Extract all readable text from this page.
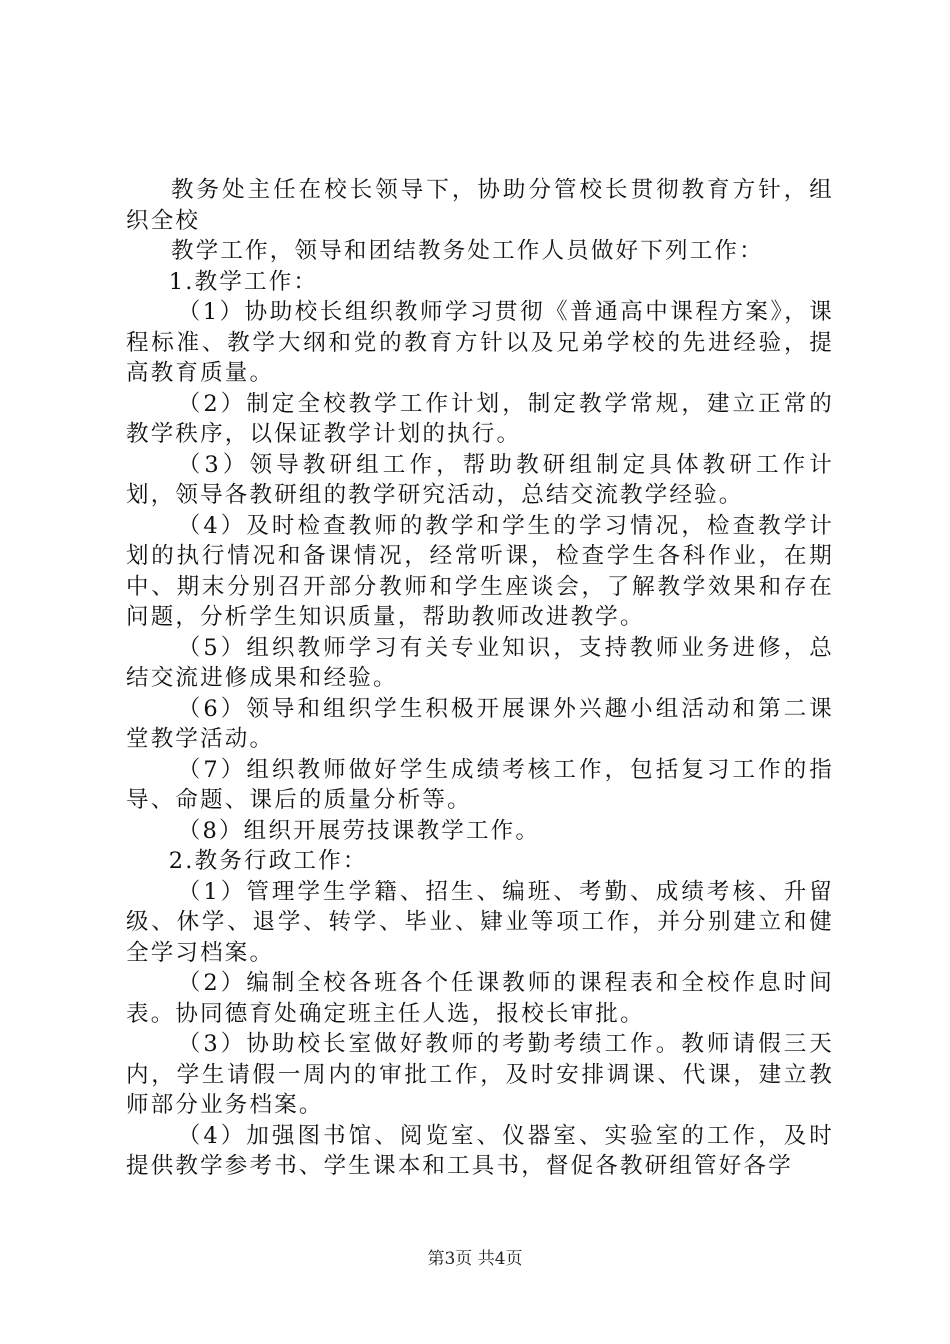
教务处主任在校长领导下，协助分管校长贯彻教育方针，组织全校

教学工作，领导和团结教务处工作人员做好下列工作：

1.教学工作：

（1）协助校长组织教师学习贯彻《普通高中课程方案》，课程标准、教学大纲和党的教育方针以及兄弟学校的先进经验，提高教育质量。

（2）制定全校教学工作计划，制定教学常规，建立正常的教学秩序，以保证教学计划的执行。

（3）领导教研组工作，帮助教研组制定具体教研工作计划，领导各教研组的教学研究活动，总结交流教学经验。

（4）及时检查教师的教学和学生的学习情况，检查教学计划的执行情况和备课情况，经常听课，检查学生各科作业，在期中、期末分别召开部分教师和学生座谈会，了解教学效果和存在问题，分析学生知识质量，帮助教师改进教学。

（5）组织教师学习有关专业知识，支持教师业务进修，总结交流进修成果和经验。

（6）领导和组织学生积极开展课外兴趣小组活动和第二课堂教学活动。

（7）组织教师做好学生成绩考核工作，包括复习工作的指导、命题、课后的质量分析等。

（8）组织开展劳技课教学工作。

2.教务行政工作：

（1）管理学生学籍、招生、编班、考勤、成绩考核、升留级、休学、退学、转学、毕业、肄业等项工作，并分别建立和健全学习档案。

（2）编制全校各班各个任课教师的课程表和全校作息时间表。协同德育处确定班主任人选，报校长审批。

（3）协助校长室做好教师的考勤考绩工作。教师请假三天内，学生请假一周内的审批工作，及时安排调课、代课，建立教师部分业务档案。

（4）加强图书馆、阅览室、仪器室、实验室的工作，及时提供教学参考书、学生课本和工具书，督促各教研组管好各学

第3页 共4页
